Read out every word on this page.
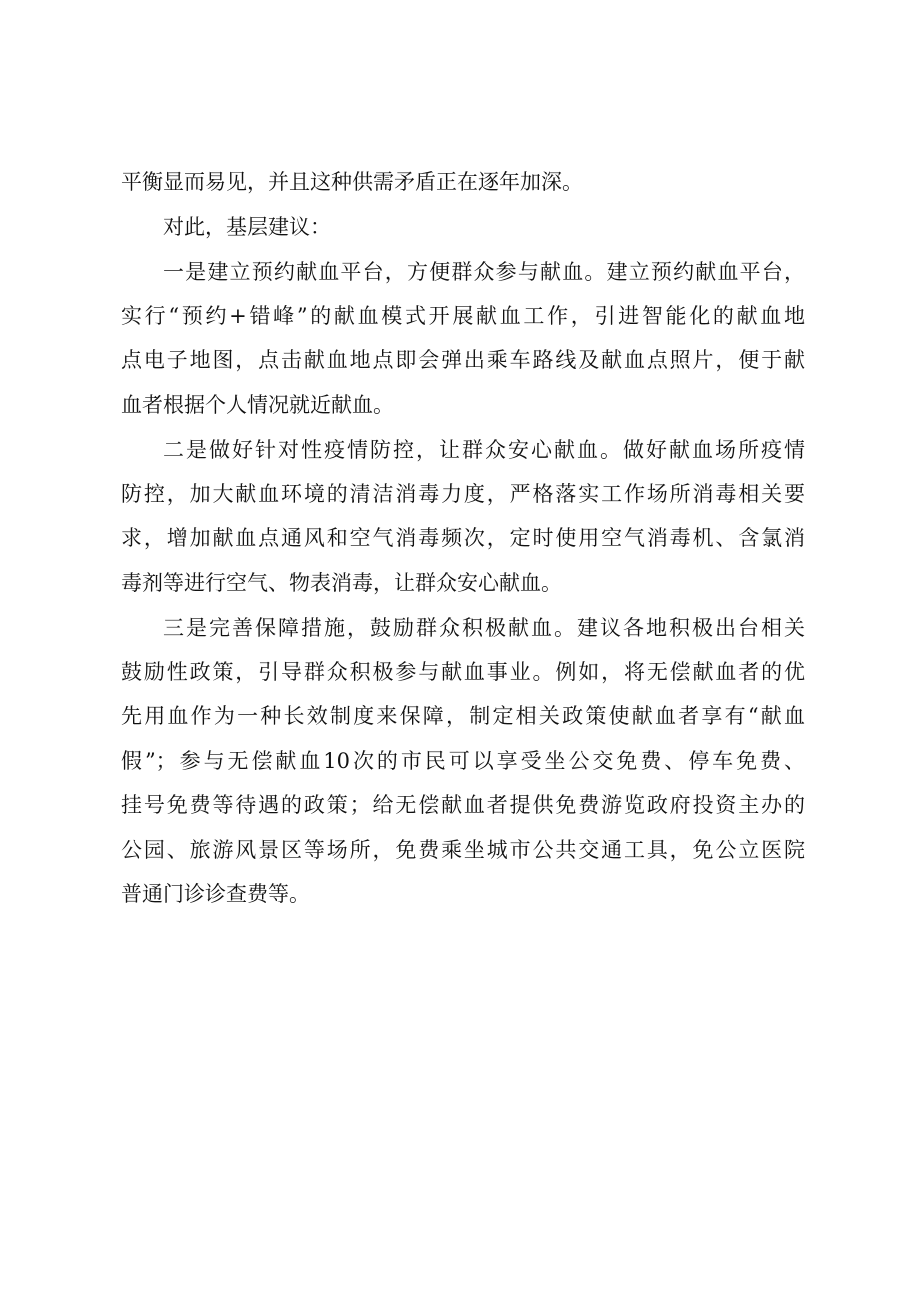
平衡显而易见，并且这种供需矛盾正在逐年加深。

对此，基层建议：

一是建立预约献血平台，方便群众参与献血。建立预约献血平台，

实行“预约+错峰”的献血模式开展献血工作，引进智能化的献血地

点电子地图，点击献血地点即会弹出乘车路线及献血点照片，便于献

血者根据个人情况就近献血。

二是做好针对性疫情防控，让群众安心献血。做好献血场所疫情

防控，加大献血环境的清洁消毒力度，严格落实工作场所消毒相关要

求，增加献血点通风和空气消毒频次，定时使用空气消毒机、含氯消

毒剂等进行空气、物表消毒，让群众安心献血。

三是完善保障措施，鼓励群众积极献血。建议各地积极出台相关

鼓励性政策，引导群众积极参与献血事业。例如，将无偿献血者的优

先用血作为一种长效制度来保障，制定相关政策使献血者享有“献血

假”；参与无偿献血10次的市民可以享受坐公交免费、停车免费、

挂号免费等待遇的政策；给无偿献血者提供免费游览政府投资主办的

公园、旅游风景区等场所，免费乘坐城市公共交通工具，免公立医院

普通门诊诊查费等。
